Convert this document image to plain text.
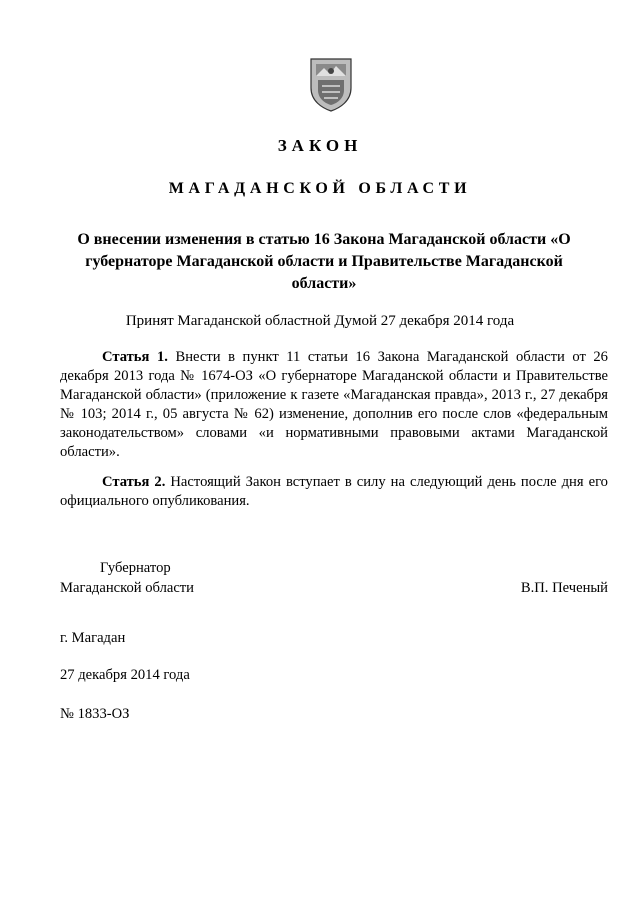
ЗАКОН
МАГАДАНСКОЙ ОБЛАСТИ
О внесении изменения в статью 16 Закона Магаданской области «О губернаторе Магаданской области и Правительстве Магаданской области»
Принят Магаданской областной Думой 27 декабря 2014 года
Статья 1. Внести в пункт 11 статьи 16 Закона Магаданской области от 26 декабря 2013 года № 1674-ОЗ «О губернаторе Магаданской области и Правительстве Магаданской области» (приложение к газете «Магаданская правда», 2013 г., 27 декабря № 103; 2014 г., 05 августа № 62) изменение, дополнив его после слов «федеральным законодательством» словами «и нормативными правовыми актами Магаданской области».
Статья 2. Настоящий Закон вступает в силу на следующий день после дня его официального опубликования.
Губернатор
Магаданской области	В.П. Печеный
г. Магадан
27 декабря 2014 года
№ 1833-ОЗ
